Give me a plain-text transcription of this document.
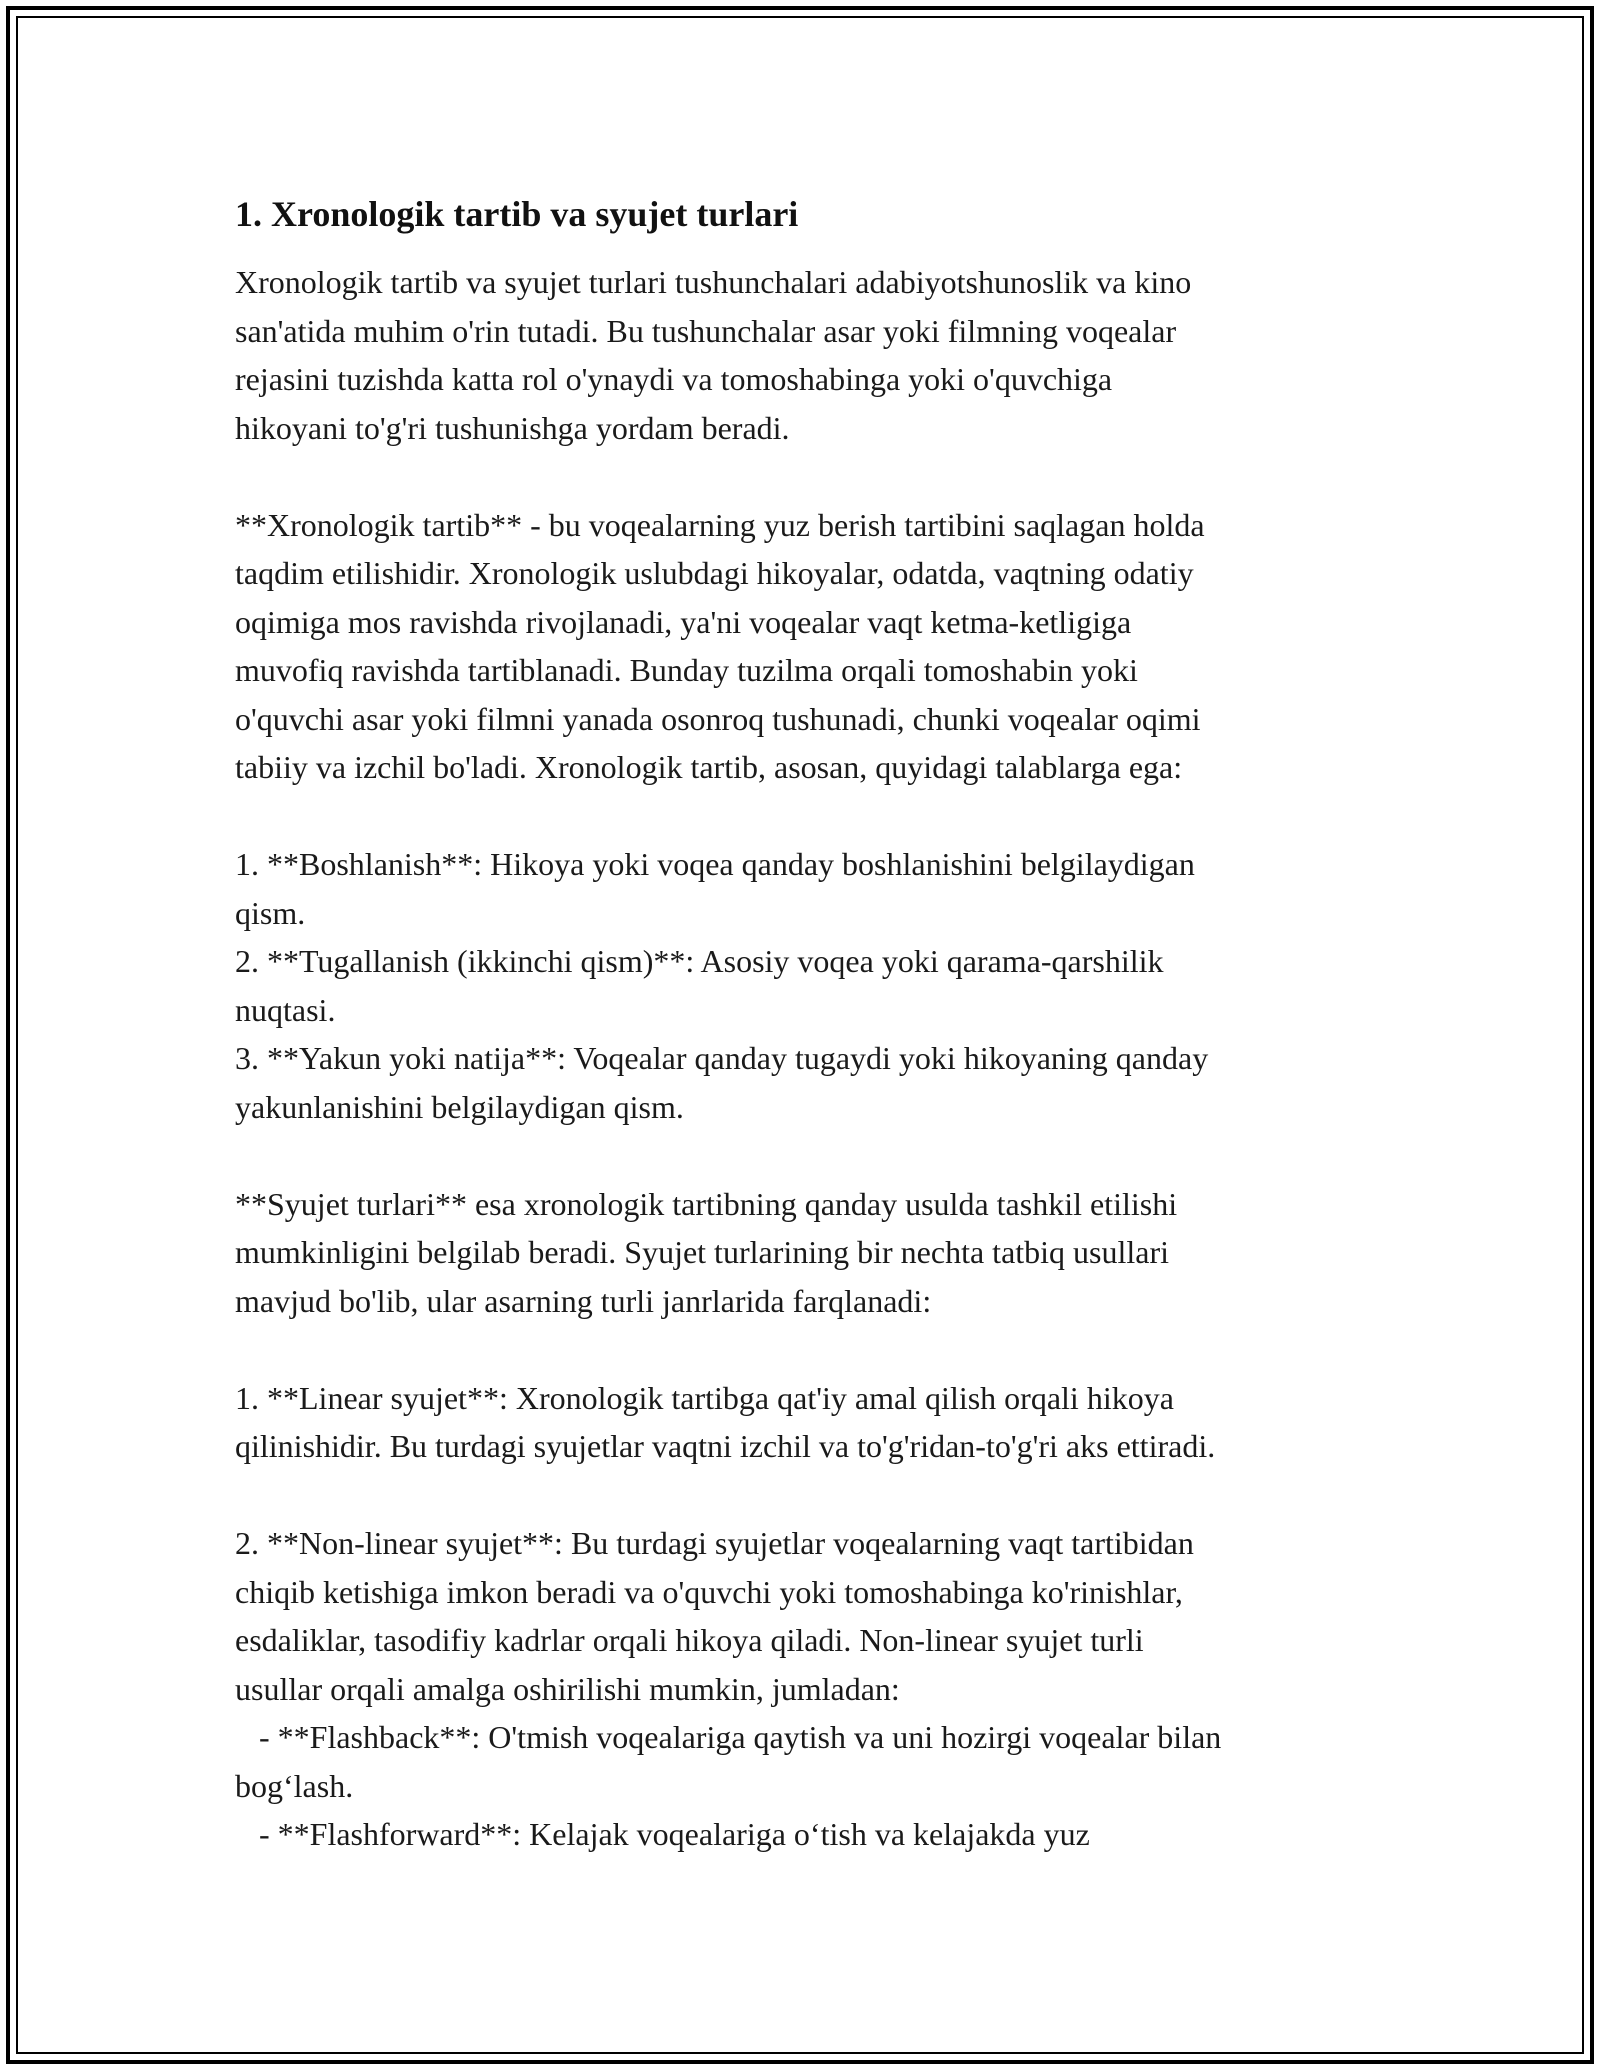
1. Xronologik tartib va syujet turlari
Xronologik tartib va syujet turlari tushunchalari adabiyotshunoslik va kino
san'atida muhim o'rin tutadi. Bu tushunchalar asar yoki filmning voqealar
rejasini tuzishda katta rol o'ynaydi va tomoshabinga yoki o'quvchiga
hikoyani to'g'ri tushunishga yordam beradi.
**Xronologik tartib** - bu voqealarning yuz berish tartibini saqlagan holda
taqdim etilishidir. Xronologik uslubdagi hikoyalar, odatda, vaqtning odatiy
oqimiga mos ravishda rivojlanadi, ya'ni voqealar vaqt ketma-ketligiga
muvofiq ravishda tartiblanadi. Bunday tuzilma orqali tomoshabin yoki
o'quvchi asar yoki filmni yanada osonroq tushunadi, chunki voqealar oqimi
tabiiy va izchil bo'ladi. Xronologik tartib, asosan, quyidagi talablarga ega:
1. **Boshlanish**: Hikoya yoki voqea qanday boshlanishini belgilaydigan
qism.
2. **Tugallanish (ikkinchi qism)**: Asosiy voqea yoki qarama-qarshilik
nuqtasi.
3. **Yakun yoki natija**: Voqealar qanday tugaydi yoki hikoyaning qanday
yakunlanishini belgilaydigan qism.
**Syujet turlari** esa xronologik tartibning qanday usulda tashkil etilishi
mumkinligini belgilab beradi. Syujet turlarining bir nechta tatbiq usullari
mavjud bo'lib, ular asarning turli janrlarida farqlanadi:
1. **Linear syujet**: Xronologik tartibga qat'iy amal qilish orqali hikoya
qilinishidir. Bu turdagi syujetlar vaqtni izchil va to'g'ridan-to'g'ri aks ettiradi.
2. **Non-linear syujet**: Bu turdagi syujetlar voqealarning vaqt tartibidan
chiqib ketishiga imkon beradi va o'quvchi yoki tomoshabinga ko'rinishlar,
esdaliklar, tasodifiy kadrlar orqali hikoya qiladi. Non-linear syujet turli
usullar orqali amalga oshirilishi mumkin, jumladan:
- **Flashback**: O'tmish voqealariga qaytish va uni hozirgi voqealar bilan
bog‘lash.
- **Flashforward**: Kelajak voqealariga o‘tish va kelajakda yuz
